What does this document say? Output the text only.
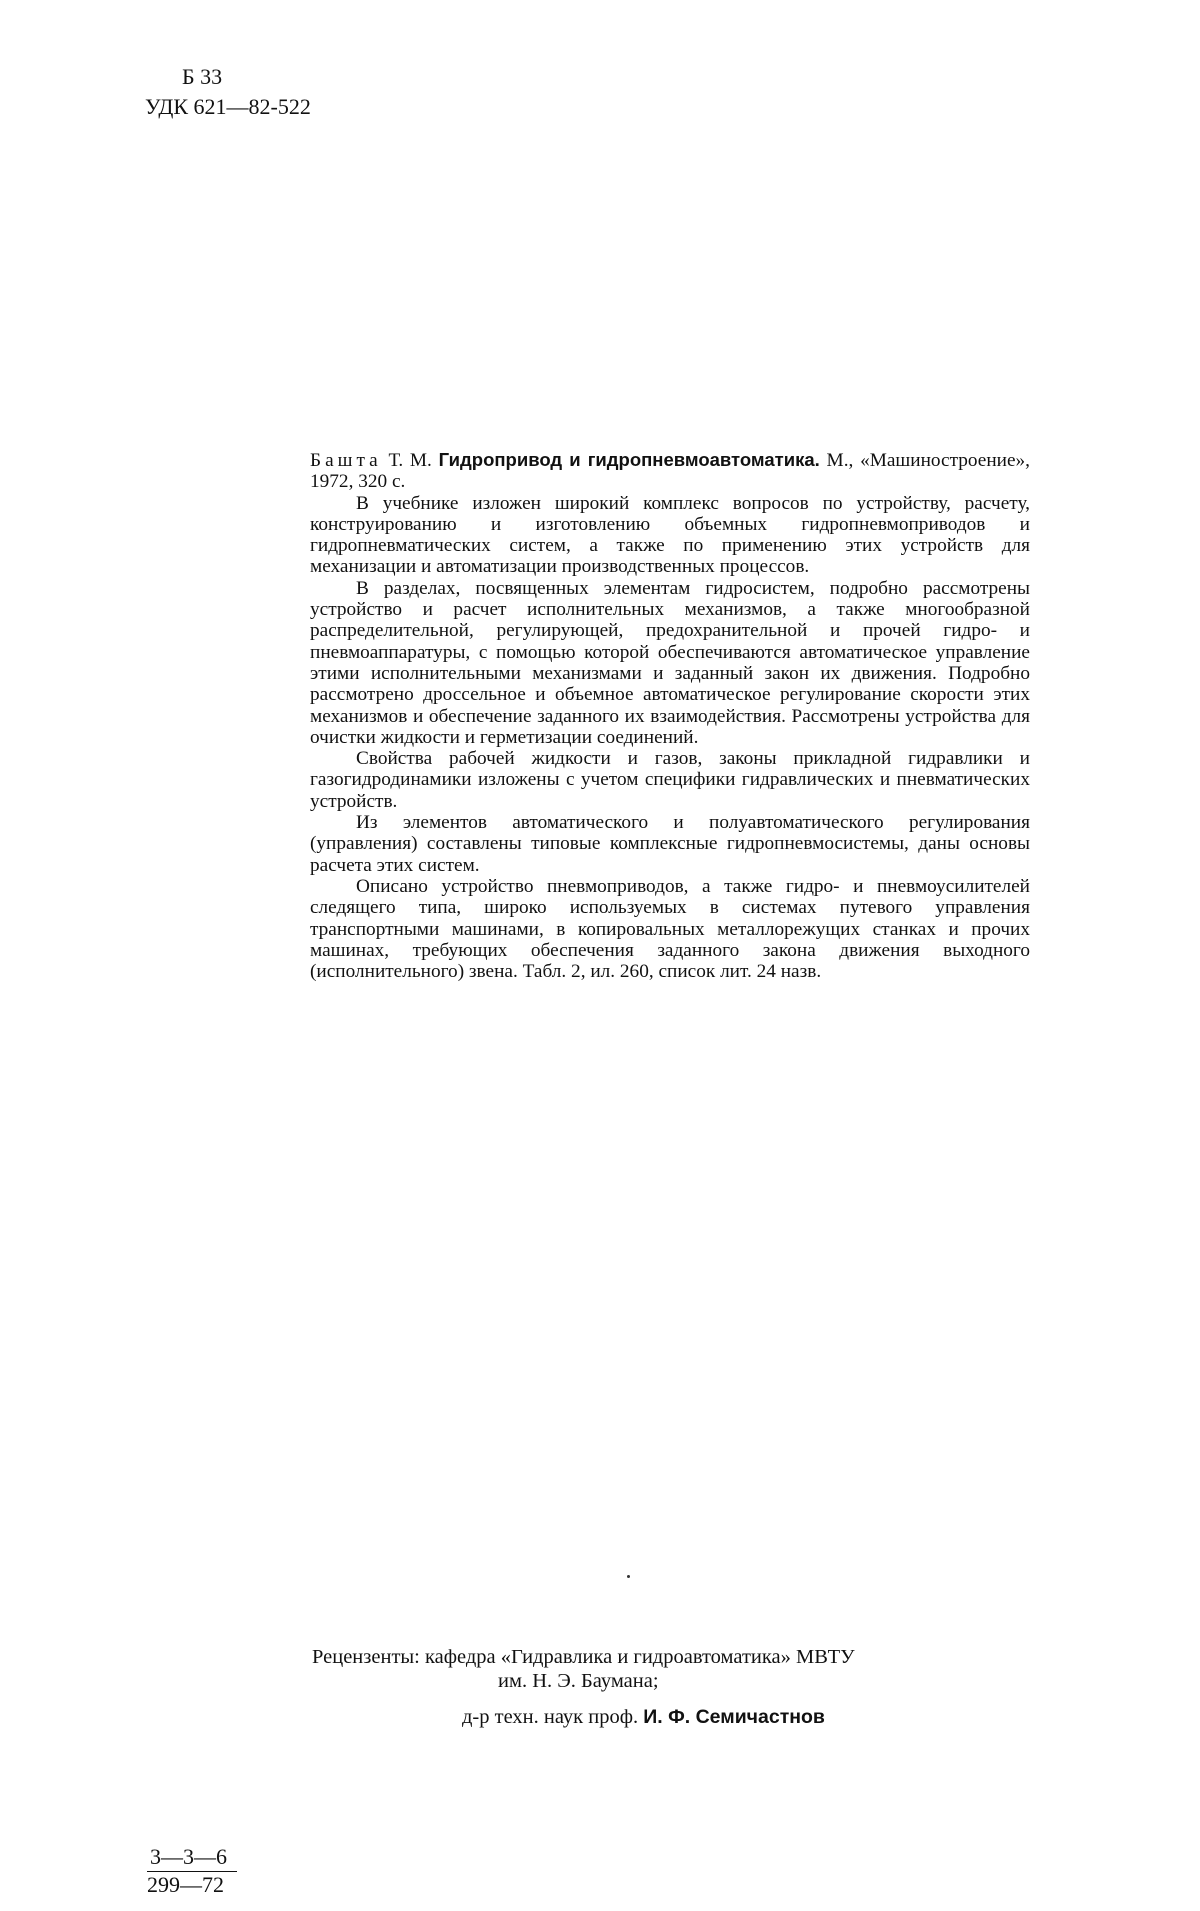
Б 33
УДК 621—82-522

Башта Т. М. Гидропривод и гидропневмоавтоматика. М., «Машиностроение», 1972, 320 с.

В учебнике изложен широкий комплекс вопросов по устройству, расчету, конструированию и изготовлению объемных гидропневмоприводов и гидропневматических систем, а также по применению этих устройств для механизации и автоматизации производственных процессов.

В разделах, посвященных элементам гидросистем, подробно рассмотрены устройство и расчет исполнительных механизмов, а также многообразной распределительной, регулирующей, предохранительной и прочей гидро- и пневмоаппаратуры, с помощью которой обеспечиваются автоматическое управление этими исполнительными механизмами и заданный закон их движения. Подробно рассмотрено дроссельное и объемное автоматическое регулирование скорости этих механизмов и обеспечение заданного их взаимодействия. Рассмотрены устройства для очистки жидкости и герметизации соединений.

Свойства рабочей жидкости и газов, законы прикладной гидравлики и газогидродинамики изложены с учетом специфики гидравлических и пневматических устройств.

Из элементов автоматического и полуавтоматического регулирования (управления) составлены типовые комплексные гидропневмосистемы, даны основы расчета этих систем.

Описано устройство пневмоприводов, а также гидро- и пневмоусилителей следящего типа, широко используемых в системах путевого управления транспортными машинами, в копировальных металлорежущих станках и прочих машинах, требующих обеспечения заданного закона движения выходного (исполнительного) звена. Табл. 2, ил. 260, список лит. 24 назв.

Рецензенты: кафедра «Гидравлика и гидроавтоматика» МВТУ
им. Н. Э. Баумана;
д-р техн. наук проф. И. Ф. Семичастнов
3—3—6
299—72
